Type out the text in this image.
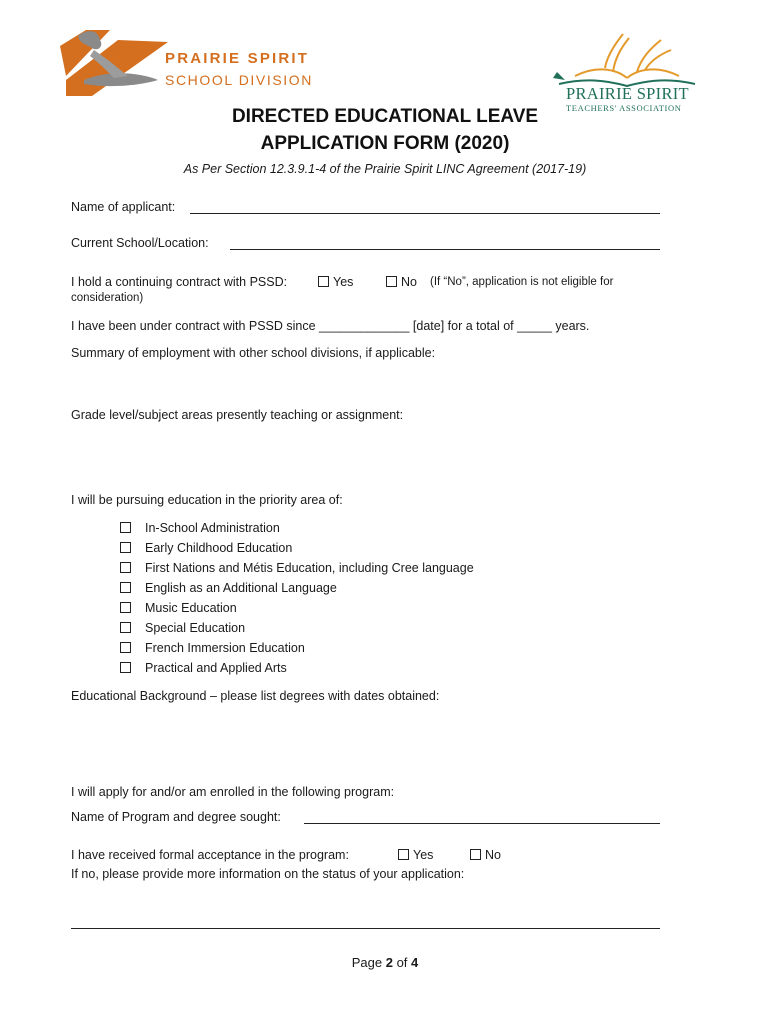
PRAIRIE SPIRIT
SCHOOL DIVISION
PRAIRIE SPIRIT
TEACHERS' ASSOCIATION
DIRECTED EDUCATIONAL LEAVE
APPLICATION FORM (2020)
As Per Section 12.3.9.1-4 of the Prairie Spirit LINC Agreement (2017-19)
Name of applicant:
Current School/Location:
I hold a continuing contract with PSSD:	Yes	No (If “No”, application is not eligible for
consideration)
I have been under contract with PSSD since _____________ [date] for a total of _____ years.
Summary of employment with other school divisions, if applicable:
Grade level/subject areas presently teaching or assignment:
I will be pursuing education in the priority area of:
In-School Administration
Early Childhood Education
First Nations and Métis Education, including Cree language
English as an Additional Language
Music Education
Special Education
French Immersion Education
Practical and Applied Arts
Educational Background – please list degrees with dates obtained:
I will apply for and/or am enrolled in the following program:
Name of Program and degree sought:
I have received formal acceptance in the program:	Yes	No
If no, please provide more information on the status of your application:
Page 2 of 4
